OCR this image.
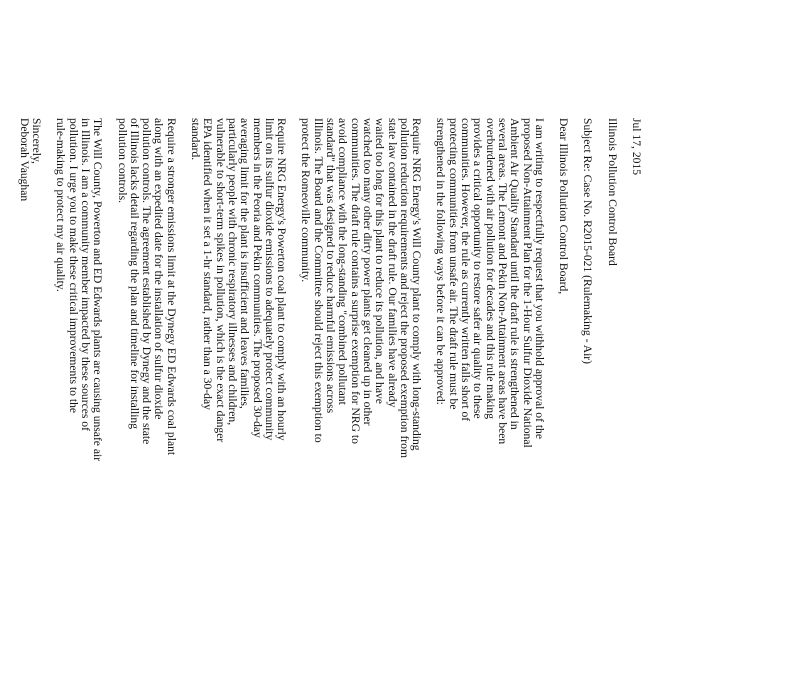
Jul 17, 2015
Illinois Pollution Control Board
Subject Re: Case No. R2015-021 (Rulemaking - Air)
Dear Illinois Pollution Control Board,
I am writing to respectfully request that you withhold approval of the
proposed Non-Attainment Plan for the 1-Hour Sulfur Dioxide National
Ambient Air Quality Standard until the draft rule is strengthened in
several areas. The Lemont and Pekin Non-Attainment areas have been
overburdened with air pollution for decades and this rule making
provides a critical opportunity to restore safer air quality to these
communities. However, the rule as currently written falls short of
protecting communities from unsafe air. The draft rule must be
strengthened in the following ways before it can be approved:
Require NRG Energy's Will County plant to comply with long-standing
pollution reduction requirements and reject the proposed exemption from
state law contained in the draft rule. Our families have already
waited too long for this plant to reduce its pollution, and have
watched too many other dirty power plants get cleaned up in other
communities. The draft rule contains a surprise exemption for NRG to
avoid compliance with the long-standing "combined pollutant
standard" that was designed to reduce harmful emissions across
Illinois. The Board and the Committee should reject this exemption to
protect the Romeoville community.
Require NRG Energy's Powerton coal plant to comply with an hourly
limit on its sulfur dioxide emissions to adequately protect community
members in the Peoria and Pekin communities. The proposed 30-day
averaging limit for the plant is insufficient and leaves families,
particularly people with chronic respiratory illnesses and children,
vulnerable to short-term spikes in pollution, which is the exact danger
EPA identified when it set a 1-hr standard, rather than a 30-day
standard.
Require a stronger emissions limit at the Dynegy ED Edwards coal plant
along with an expedited date for the installation of sulfur dioxide
pollution controls. The agreement established by Dynegy and the state
of Illinois lacks detail regarding the plan and timeline for installing
pollution controls.
The Will County, Powerton and ED Edwards plants are causing unsafe air
in Illinois. I am a community member impacted by these sources of
pollution. I urge you to make these critical improvements to the
rule-making to protect my air quality.
Sincerely,
Deborah Vaughan
